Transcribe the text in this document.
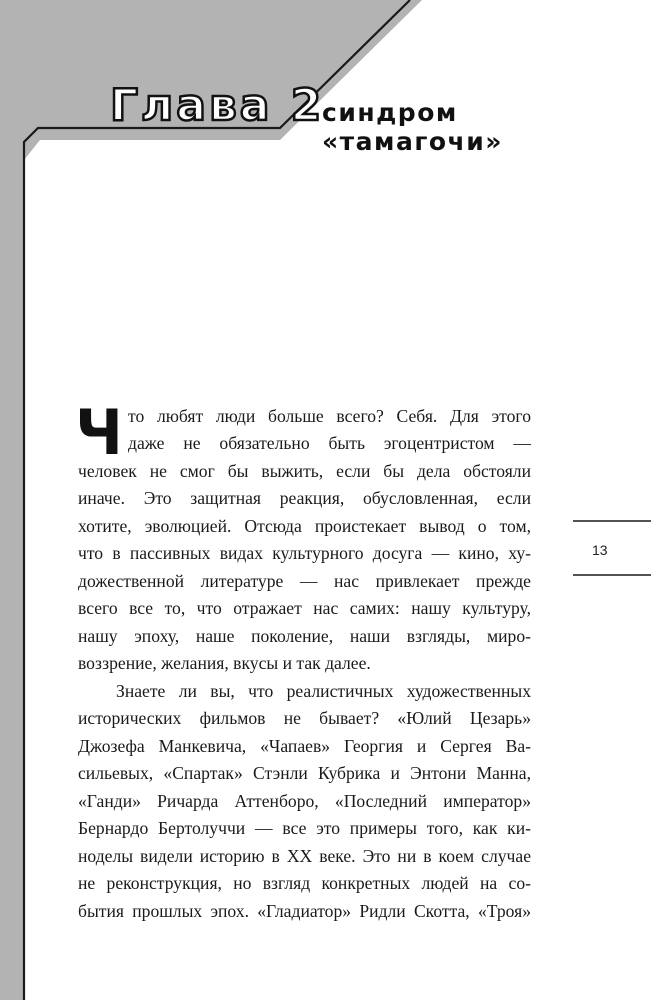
Глава 2
синдром
«тамагочи»
13
Ч то любят люди больше всего? Себя. Для этого
даже не обязательно быть эгоцентристом —
человек не смог бы выжить, если бы дела обстояли
иначе. Это защитная реакция, обусловленная, если
хотите, эволюцией. Отсюда проистекает вывод о том,
что в пассивных видах культурного досуга — кино, ху-
дожественной литературе — нас привлекает прежде
всего все то, что отражает нас самих: нашу культуру,
нашу эпоху, наше поколение, наши взгляды, миро-
воззрение, желания, вкусы и так далее.
Знаете ли вы, что реалистичных художественных
исторических фильмов не бывает? «Юлий Цезарь»
Джозефа Манкевича, «Чапаев» Георгия и Сергея Ва-
сильевых, «Спартак» Стэнли Кубрика и Энтони Манна,
«Ганди» Ричарда Аттенборо, «Последний император»
Бернардо Бертолуччи — все это примеры того, как ки-
ноделы видели историю в XX веке. Это ни в коем случае
не реконструкция, но взгляд конкретных людей на со-
бытия прошлых эпох. «Гладиатор» Ридли Скотта, «Троя»
